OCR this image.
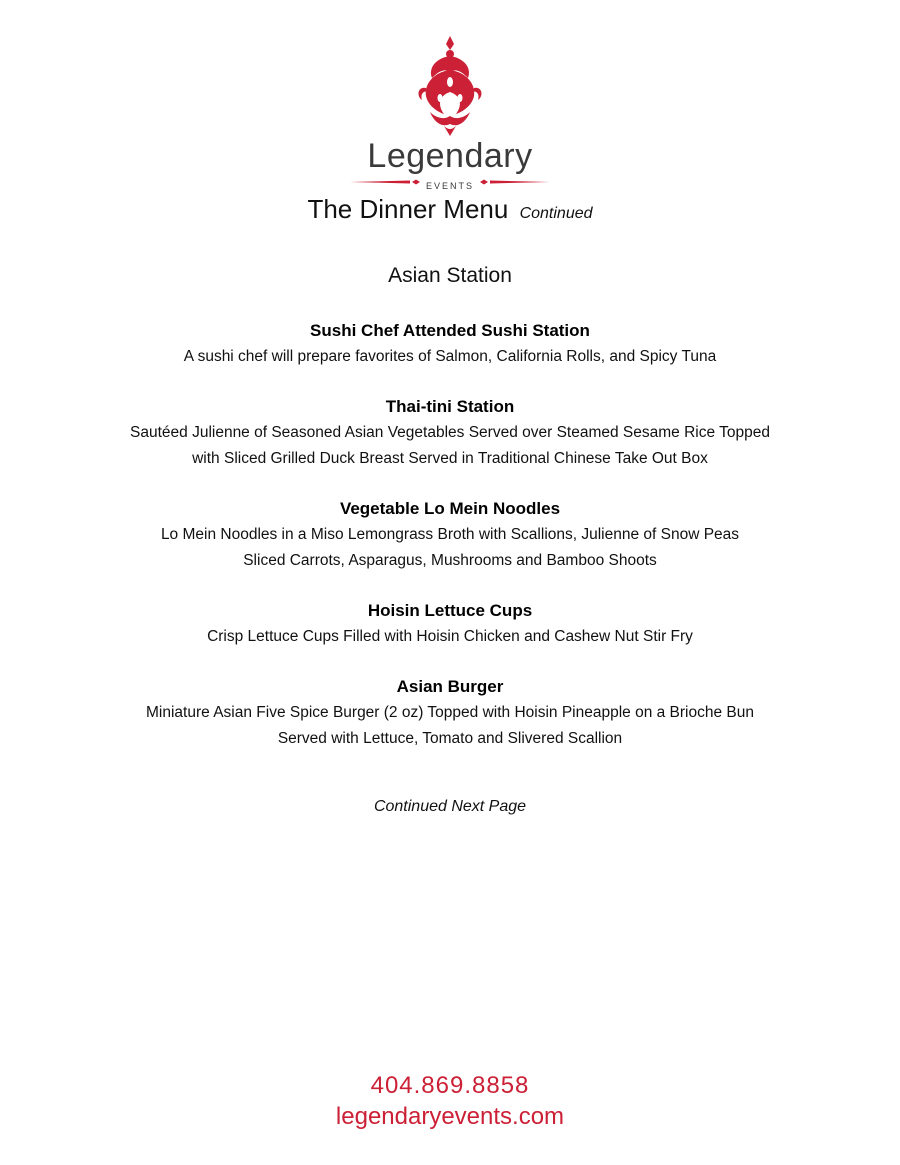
Legendary
EVENTS
The Dinner Menu Continued
Asian Station
Sushi Chef Attended Sushi Station
A sushi chef will prepare favorites of Salmon, California Rolls, and Spicy Tuna
Thai-tini Station
Sautéed Julienne of Seasoned Asian Vegetables Served over Steamed Sesame Rice Topped
with Sliced Grilled Duck Breast Served in Traditional Chinese Take Out Box
Vegetable Lo Mein Noodles
Lo Mein Noodles in a Miso Lemongrass Broth with Scallions, Julienne of Snow Peas
Sliced Carrots, Asparagus, Mushrooms and Bamboo Shoots
Hoisin Lettuce Cups
Crisp Lettuce Cups Filled with Hoisin Chicken and Cashew Nut Stir Fry
Asian Burger
Miniature Asian Five Spice Burger (2 oz) Topped with Hoisin Pineapple on a Brioche Bun
Served with Lettuce, Tomato and Slivered Scallion
Continued Next Page
404.869.8858
legendaryevents.com
